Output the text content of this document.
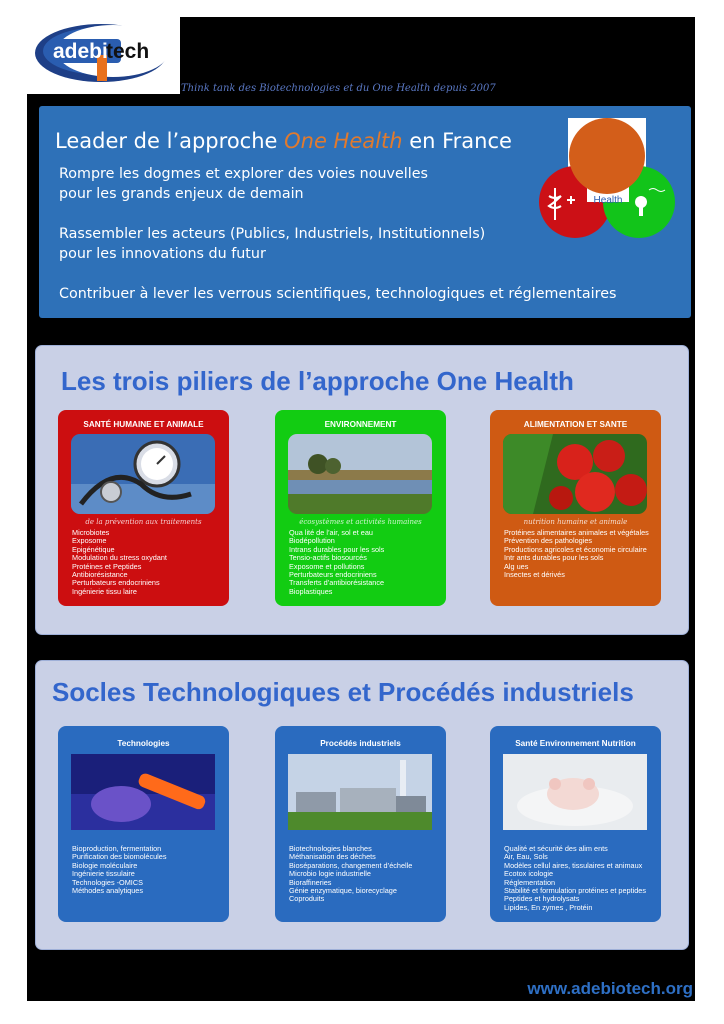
adebi
tech
Think tank des Biotechnologies et du One Health depuis 2007
Leader de l’approche One Health en France
Rompre les dogmes et explorer des voies nouvelles
pour les grands enjeux de demain
Rassembler les acteurs (Publics, Industriels, Institutionnels)
pour les innovations du futur
Contribuer à lever les verrous scientifiques, technologiques et réglementaires
Health
Les trois piliers de l’approche One Health
SANTÉ HUMAINE ET ANIMALE
de la prévention aux traitements
Microbiotes
Exposome
Epigénétique
Modulation du stress oxydant
Protéines et Peptides
Antibiorésistance
Perturbateurs endocriniens
Ingénierie tissu laire
ENVIRONNEMENT
écosystèmes et activités humaines
Qua lité de l’air, sol et eau
Biodépollution
Intrans durables pour les sols
Tensio-actifs biosourcés
Exposome et pollutions
Perturbateurs endocriniens
Transferts d’antibiorésistance
Bioplastiques
ALIMENTATION ET SANTE
nutrition humaine et animale
Protéines alimentaires animales et végétales
Prévention des pathologies
Productions agricoles et économie circulaire
Intr ants durables pour les sols
Alg ues
Insectes et dérivés
Socles Technologiques et Procédés industriels
Technologies
Bioproduction, fermentation
Purification des biomolécules
Biologie moléculaire
Ingénierie tissulaire
Technologies -OMICS
Méthodes analytiques
Procédés industriels
Biotechnologies blanches
Méthanisation des déchets
Bioséparations, changement d’échelle
Microbio logie industrielle
Bioraffineries
Génie enzymatique, biorecyclage
Coproduits
Santé Environnement Nutrition
Qualité et sécurité des alim ents
Air, Eau, Sols
Modèles cellul aires, tissulaires et animaux
Ecotox icologie
Réglementation
Stabilité et formulation protéines et peptides
Peptides et hydrolysats
Lipides, En zymes , Protéin
www.adebiotech.org
